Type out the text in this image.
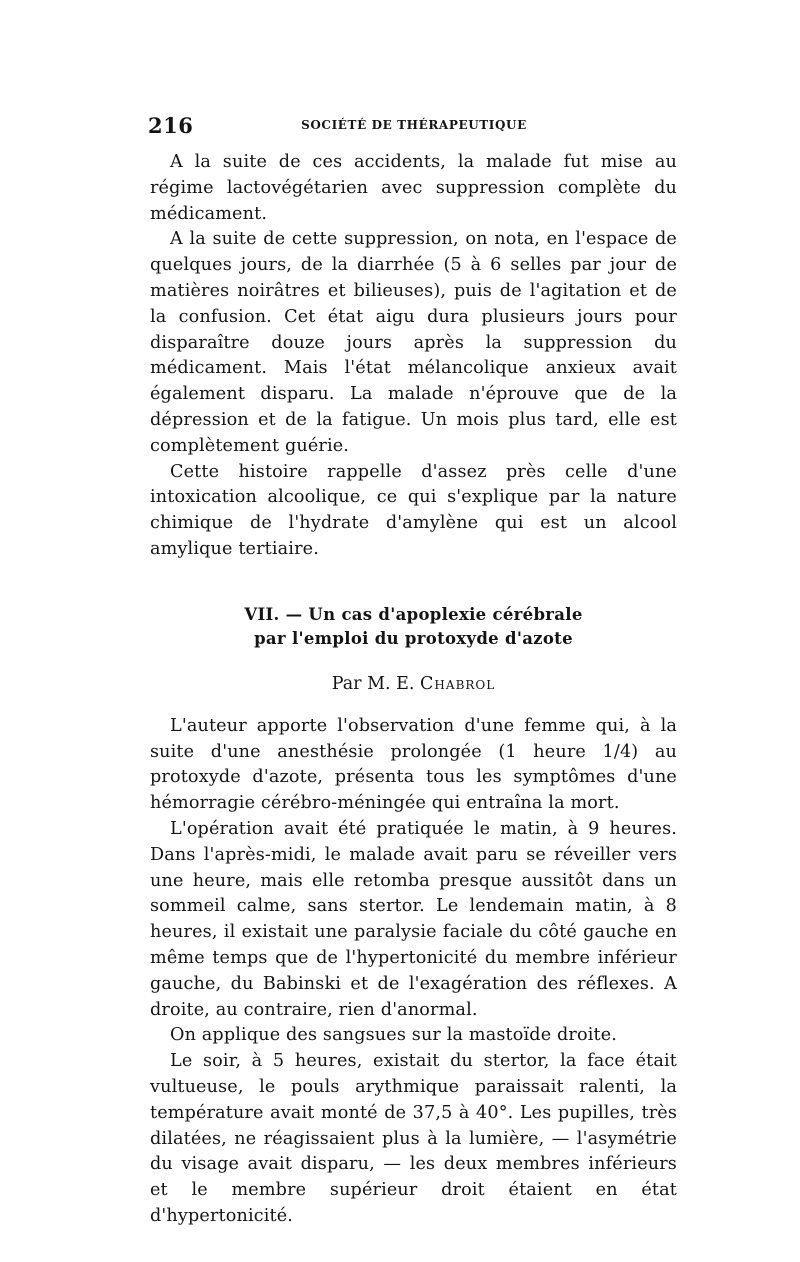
216	SOCIÉTÉ DE THÉRAPEUTIQUE

A la suite de ces accidents, la malade fut mise au régime lactovégétarien avec suppression complète du médicament.

A la suite de cette suppression, on nota, en l'espace de quelques jours, de la diarrhée (5 à 6 selles par jour de matières noirâtres et bilieuses), puis de l'agitation et de la confusion. Cet état aigu dura plusieurs jours pour disparaître douze jours après la suppression du médicament. Mais l'état mélancolique anxieux avait également disparu. La malade n'éprouve que de la dépression et de la fatigue. Un mois plus tard, elle est complètement guérie.

Cette histoire rappelle d'assez près celle d'une intoxication alcoolique, ce qui s'explique par la nature chimique de l'hydrate d'amylène qui est un alcool amylique tertiaire.

VII. — Un cas d'apoplexie cérébrale
par l'emploi du protoxyde d'azote
Par M. E. Chabrol

L'auteur apporte l'observation d'une femme qui, à la suite d'une anesthésie prolongée (1 heure 1/4) au protoxyde d'azote, présenta tous les symptômes d'une hémorragie cérébro-méningée qui entraîna la mort.

L'opération avait été pratiquée le matin, à 9 heures. Dans l'après-midi, le malade avait paru se réveiller vers une heure, mais elle retomba presque aussitôt dans un sommeil calme, sans stertor. Le lendemain matin, à 8 heures, il existait une paralysie faciale du côté gauche en même temps que de l'hypertonicité du membre inférieur gauche, du Babinski et de l'exagération des réflexes. A droite, au contraire, rien d'anormal.

On applique des sangsues sur la mastoïde droite.

Le soir, à 5 heures, existait du stertor, la face était vultueuse, le pouls arythmique paraissait ralenti, la température avait monté de 37,5 à 40°. Les pupilles, très dilatées, ne réagissaient plus à la lumière, — l'asymétrie du visage avait disparu, — les deux membres inférieurs et le membre supérieur droit étaient en état d'hypertonicité.
